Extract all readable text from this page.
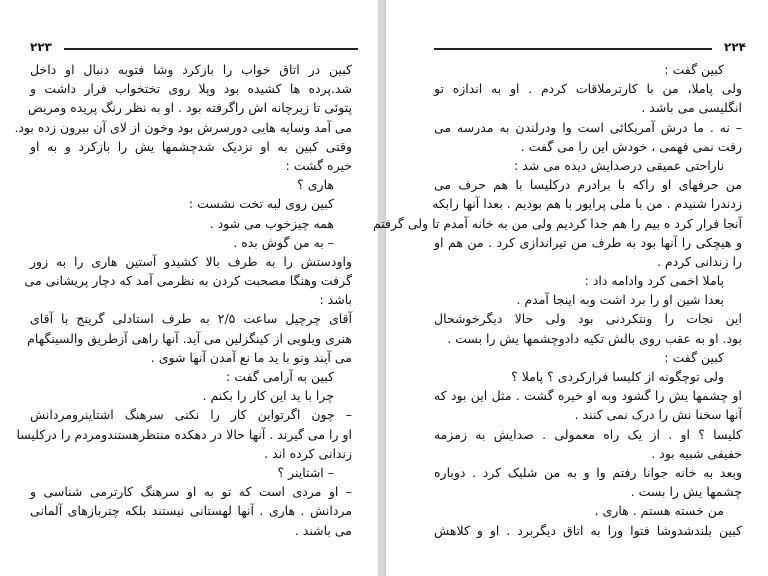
۲۲۳
کبین در اتاق خواب را بازکرد وشا فتوبه دنبال او داخل
شد.پرده ها کشیده بود وپلا روی تختخواب فرار داشت و
پتوئی تا زیرچانه اش راگرفته بود . او به نظر رنگ پریده ومریض
می آمد وسایه هایی دورسرش بود وخون از لای آن بیرون زده بود.
وقتی کبین به او نزدیک شدچشمها یش را بازکرد و به او
خیره گشت :
هاری ؟
کبین روی لبه تخت نشست :
همه چیزخوب می شود .
– به من گوش بده .
واودستش را به طرف بالا کشیدو آستین هاری را به زور
گرفت وهنگا مصحبت کردن به نظرمی آمد که دچار پریشانی می
باشد :
آقای چرچیل ساعت ۲/۵ به طرف استادلی گرینج با آقای
هنری ویلوبی از کینگزلین می آید. آنها راهی آزطریق والسینگهام
می آیند وتو با ید ما نع آمدن آنها شوی .
کبین به آرامی گفت :
چرا با ید این کار را بکنم .
– چون اگرتواین کار را نکنی سرهنگ اشتاینرومردانش
او را می گیرند . آنها حالا در دهکده منتظرهستندومردم را درکلیسا
زندانی کرده اند .
– اشتاینر ؟
– او مردی است که تو به او سرهنگ کارترمی شناسی و
مردانش . هاری . آنها لهستانی نیستند بلکه چتربازهای آلمانی
می باشند .
۲۲۴
کبین گفت :
ولی پاملا، من با کارترملاقات کردم . او به اندازه تو
انگلیسی می باشد .
– نه . ما درش آمریکائی است وا ودرلندن به مدرسه می
رفت نمی فهمی ، خودش این را می گفت .
ناراحتی عمیقی درصدایش دیده می شد :
من حرفهای او راکه با برادرم درکلیسا با هم حرف می
زدندرا شنیدم . من با ملی پرایور با هم بودیم . بعدا آنها رابکه
آنجا فرار کرد ه بیم را هم جدا کردیم ولی من به خانه آمدم تا ولی گرفتم
و هیچکی را آنها بود به طرف من تیراندازی کرد . من هم او
را زندانی کردم .
پاملا اخمی کرد وادامه داد :
بعدا شین او را برد اشت وبه اینجا آمدم .
این نجات را ونتکردنی بود ولی حالا دیگرخوشحال
بود. او به عقب روی بالش تکیه دادوچشمها یش را بست .
کبین گفت :
ولی توچگونه از کلیسا فرارکردی ؟ پاملا ؟
او چشمها یش را گشود وبه او خیره گشت . مثل این بود که
آنها سخنا نش را درک نمی کنند .
کلیسا ؟ او . از یک راه معمولی . صدایش به زمزمه
خفیفی شبیه بود .
وبعد به خانه جوانا رفتم وا و به من شلیک کرد . دوباره
چشمها یش را بست .
من خسته هستم . هاری .
کبین بلندشدوشا فتوا ورا به اتاق دیگربرد . او و کلاهش
